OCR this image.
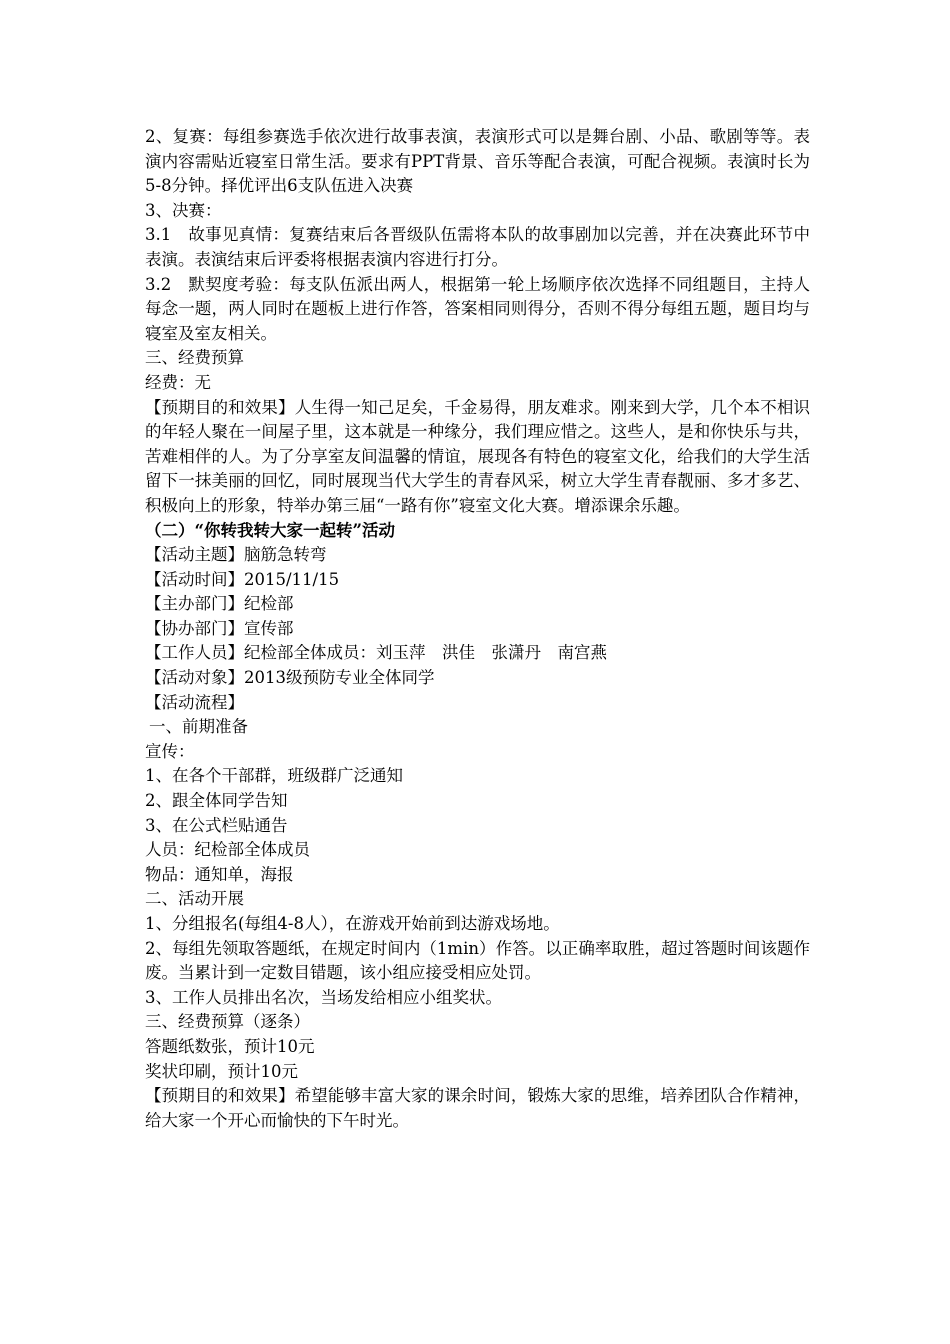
2、复赛：每组参赛选手依次进行故事表演，表演形式可以是舞台剧、小品、歌剧等等。表演内容需贴近寝室日常生活。要求有PPT背景、音乐等配合表演，可配合视频。表演时长为5-8分钟。择优评出6支队伍进入决赛

3、决赛：

3.1　故事见真情：复赛结束后各晋级队伍需将本队的故事剧加以完善，并在决赛此环节中表演。表演结束后评委将根据表演内容进行打分。

3.2　默契度考验：每支队伍派出两人，根据第一轮上场顺序依次选择不同组题目，主持人每念一题，两人同时在题板上进行作答，答案相同则得分，否则不得分每组五题，题目均与寝室及室友相关。

三、经费预算

经费：无

【预期目的和效果】人生得一知己足矣，千金易得，朋友难求。刚来到大学，几个本不相识的年轻人聚在一间屋子里，这本就是一种缘分，我们理应惜之。这些人，是和你快乐与共，苦难相伴的人。为了分享室友间温馨的情谊，展现各有特色的寝室文化，给我们的大学生活留下一抹美丽的回忆，同时展现当代大学生的青春风采，树立大学生青春靓丽、多才多艺、积极向上的形象，特举办第三届“一路有你”寝室文化大赛。增添课余乐趣。

（二）“你转我转大家一起转”活动

【活动主题】脑筋急转弯

【活动时间】2015/11/15

【主办部门】纪检部

【协办部门】宣传部

【工作人员】纪检部全体成员：刘玉萍　洪佳　张潇丹　南宫燕

【活动对象】2013级预防专业全体同学

【活动流程】

一、前期准备

宣传：

1、在各个干部群，班级群广泛通知

2、跟全体同学告知

3、在公式栏贴通告

人员：纪检部全体成员

物品：通知单，海报

二、活动开展

1、分组报名(每组4-8人），在游戏开始前到达游戏场地。

2、每组先领取答题纸，在规定时间内（1min）作答。以正确率取胜，超过答题时间该题作废。当累计到一定数目错题，该小组应接受相应处罚。

3、工作人员排出名次，当场发给相应小组奖状。

三、经费预算（逐条）

答题纸数张，预计10元

奖状印刷，预计10元

【预期目的和效果】希望能够丰富大家的课余时间，锻炼大家的思维，培养团队合作精神，给大家一个开心而愉快的下午时光。
